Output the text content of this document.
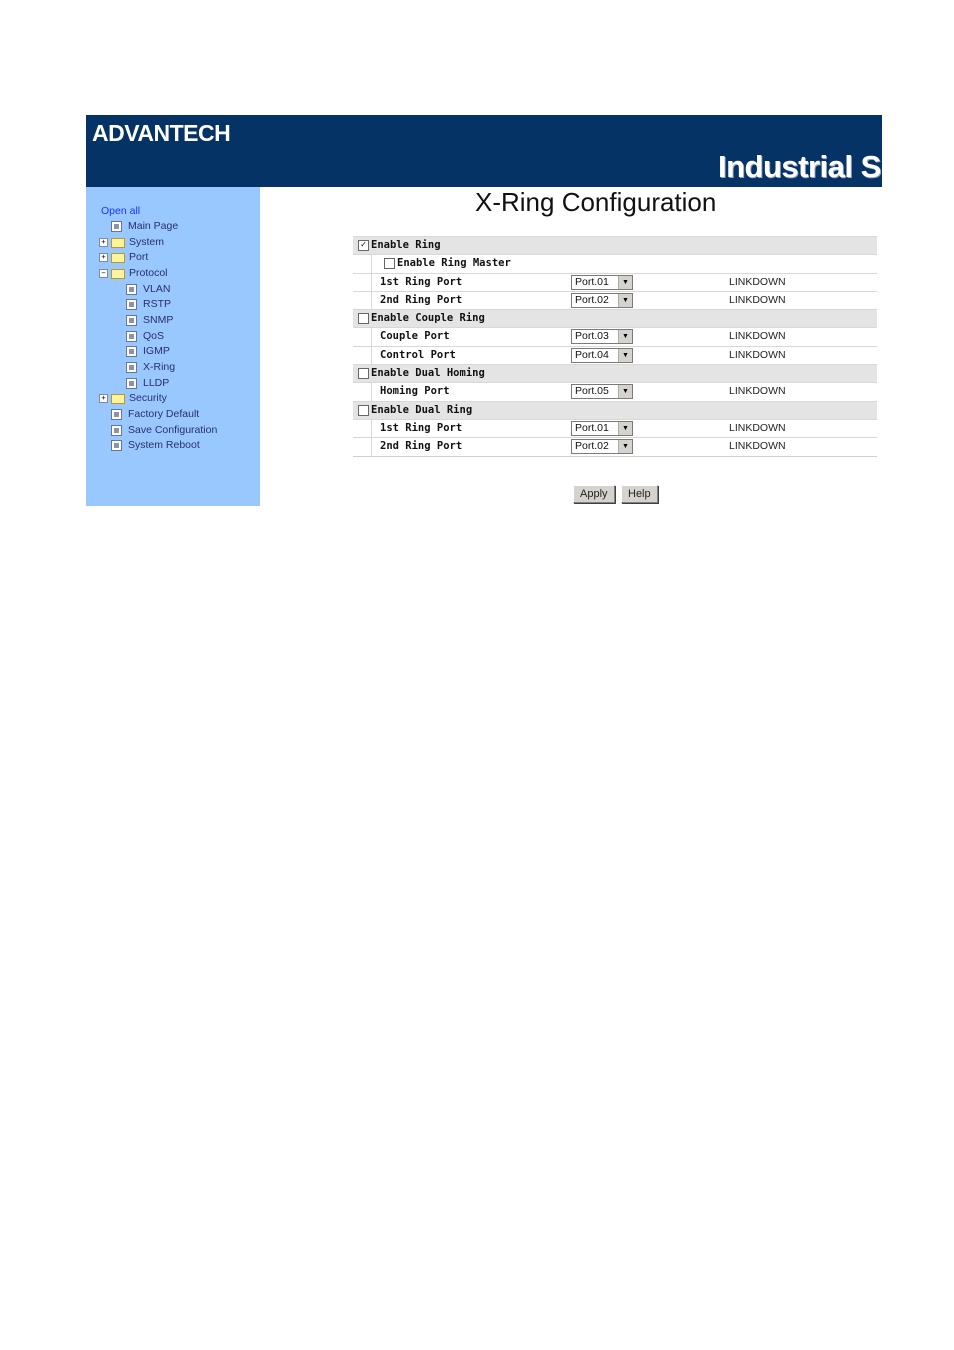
ADVANTECH
Industrial S
Open all
Main Page
+ System
+ Port
− Protocol
VLAN
RSTP
SNMP
QoS
IGMP
X-Ring
LLDP
+ Security
Factory Default
Save Configuration
System Reboot
X-Ring Configuration
✓ Enable Ring
Enable Ring Master
1st Ring Port	Port.01	▼	LINKDOWN
2nd Ring Port	Port.02	▼	LINKDOWN
Enable Couple Ring
Couple Port	Port.03	▼	LINKDOWN
Control Port	Port.04	▼	LINKDOWN
Enable Dual Homing
Homing Port	Port.05	▼	LINKDOWN
Enable Dual Ring
1st Ring Port	Port.01	▼	LINKDOWN
2nd Ring Port	Port.02	▼	LINKDOWN
Apply	Help
